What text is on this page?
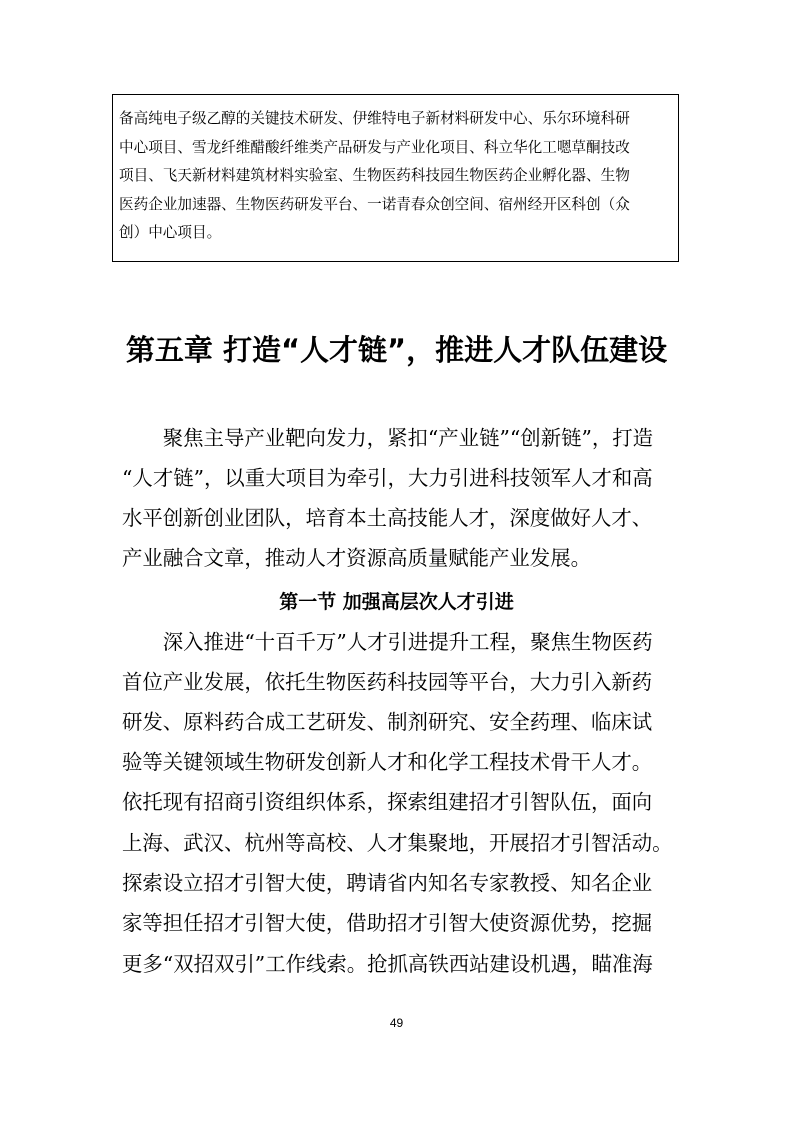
备高纯电子级乙醇的关键技术研发、伊维特电子新材料研发中心、乐尔环境科研
中心项目、雪龙纤维醋酸纤维类产品研发与产业化项目、科立华化工嗯草酮技改
项目、飞天新材料建筑材料实验室、生物医药科技园生物医药企业孵化器、生物
医药企业加速器、生物医药研发平台、一诺青春众创空间、宿州经开区科创（众
创）中心项目。
第五章 打造“人才链”，推进人才队伍建设
　　聚焦主导产业靶向发力，紧扣“产业链”“创新链”，打造
“人才链”，以重大项目为牵引，大力引进科技领军人才和高
水平创新创业团队，培育本土高技能人才，深度做好人才、
产业融合文章，推动人才资源高质量赋能产业发展。
第一节 加强高层次人才引进
　　深入推进“十百千万”人才引进提升工程，聚焦生物医药
首位产业发展，依托生物医药科技园等平台，大力引入新药
研发、原料药合成工艺研发、制剂研究、安全药理、临床试
验等关键领域生物研发创新人才和化学工程技术骨干人才。
依托现有招商引资组织体系，探索组建招才引智队伍，面向
上海、武汉、杭州等高校、人才集聚地，开展招才引智活动。
探索设立招才引智大使，聘请省内知名专家教授、知名企业
家等担任招才引智大使，借助招才引智大使资源优势，挖掘
更多“双招双引”工作线索。抢抓高铁西站建设机遇，瞄准海
49
